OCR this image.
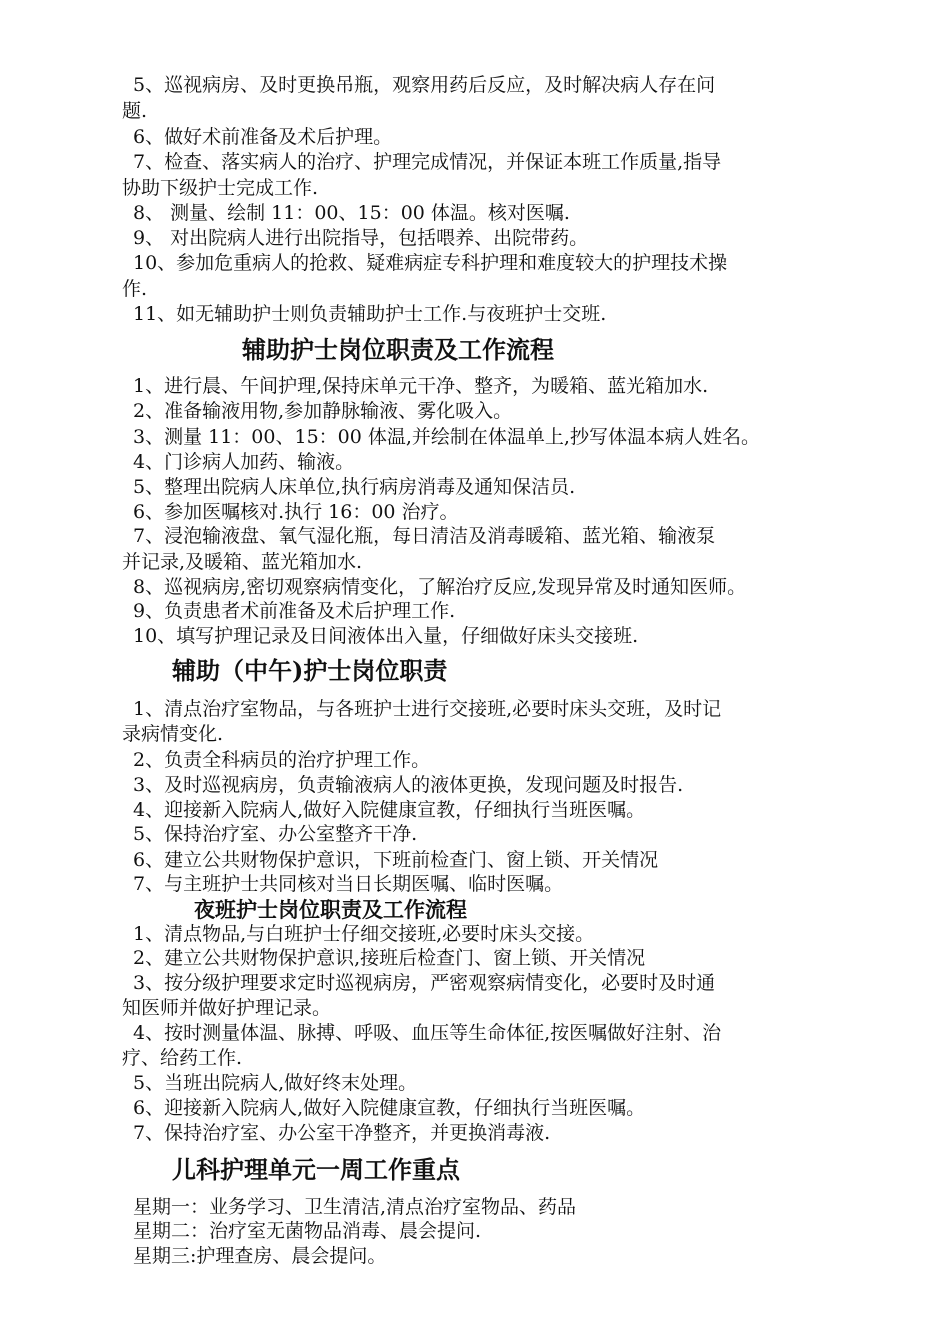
5、巡视病房、及时更换吊瓶，观察用药后反应，及时解决病人存在问
题.
6、做好术前准备及术后护理。
7、检查、落实病人的治疗、护理完成情况，并保证本班工作质量,指导
协助下级护士完成工作.
8、 测量、绘制 11：00、15：00 体温。核对医嘱.
9、 对出院病人进行出院指导，包括喂养、出院带药。
10、参加危重病人的抢救、疑难病症专科护理和难度较大的护理技术操
作.
11、如无辅助护士则负责辅助护士工作.与夜班护士交班.
辅助护士岗位职责及工作流程
1、进行晨、午间护理,保持床单元干净、整齐，为暖箱、蓝光箱加水.
2、准备输液用物,参加静脉输液、雾化吸入。
3、测量 11：00、15：00 体温,并绘制在体温单上,抄写体温本病人姓名。
4、门诊病人加药、输液。
5、整理出院病人床单位,执行病房消毒及通知保洁员.
6、参加医嘱核对.执行 16：00 治疗。
7、浸泡输液盘、氧气湿化瓶，每日清洁及消毒暖箱、蓝光箱、输液泵
并记录,及暖箱、蓝光箱加水.
8、巡视病房,密切观察病情变化，了解治疗反应,发现异常及时通知医师。
9、负责患者术前准备及术后护理工作.
10、填写护理记录及日间液体出入量，仔细做好床头交接班.
辅助（中午)护士岗位职责
1、清点治疗室物品，与各班护士进行交接班,必要时床头交班，及时记
录病情变化.
2、负责全科病员的治疗护理工作。
3、及时巡视病房，负责输液病人的液体更换，发现问题及时报告.
4、迎接新入院病人,做好入院健康宣教，仔细执行当班医嘱。
5、保持治疗室、办公室整齐干净.
6、建立公共财物保护意识，下班前检查门、窗上锁、开关情况
7、与主班护士共同核对当日长期医嘱、临时医嘱。
夜班护士岗位职责及工作流程
1、清点物品,与白班护士仔细交接班,必要时床头交接。
2、建立公共财物保护意识,接班后检查门、窗上锁、开关情况
3、按分级护理要求定时巡视病房，严密观察病情变化，必要时及时通
知医师并做好护理记录。
4、按时测量体温、脉搏、呼吸、血压等生命体征,按医嘱做好注射、治
疗、给药工作.
5、当班出院病人,做好终末处理。
6、迎接新入院病人,做好入院健康宣教，仔细执行当班医嘱。
7、保持治疗室、办公室干净整齐，并更换消毒液.
儿科护理单元一周工作重点
星期一：业务学习、卫生清洁,清点治疗室物品、药品
星期二：治疗室无菌物品消毒、晨会提问.
星期三:护理查房、晨会提问。
